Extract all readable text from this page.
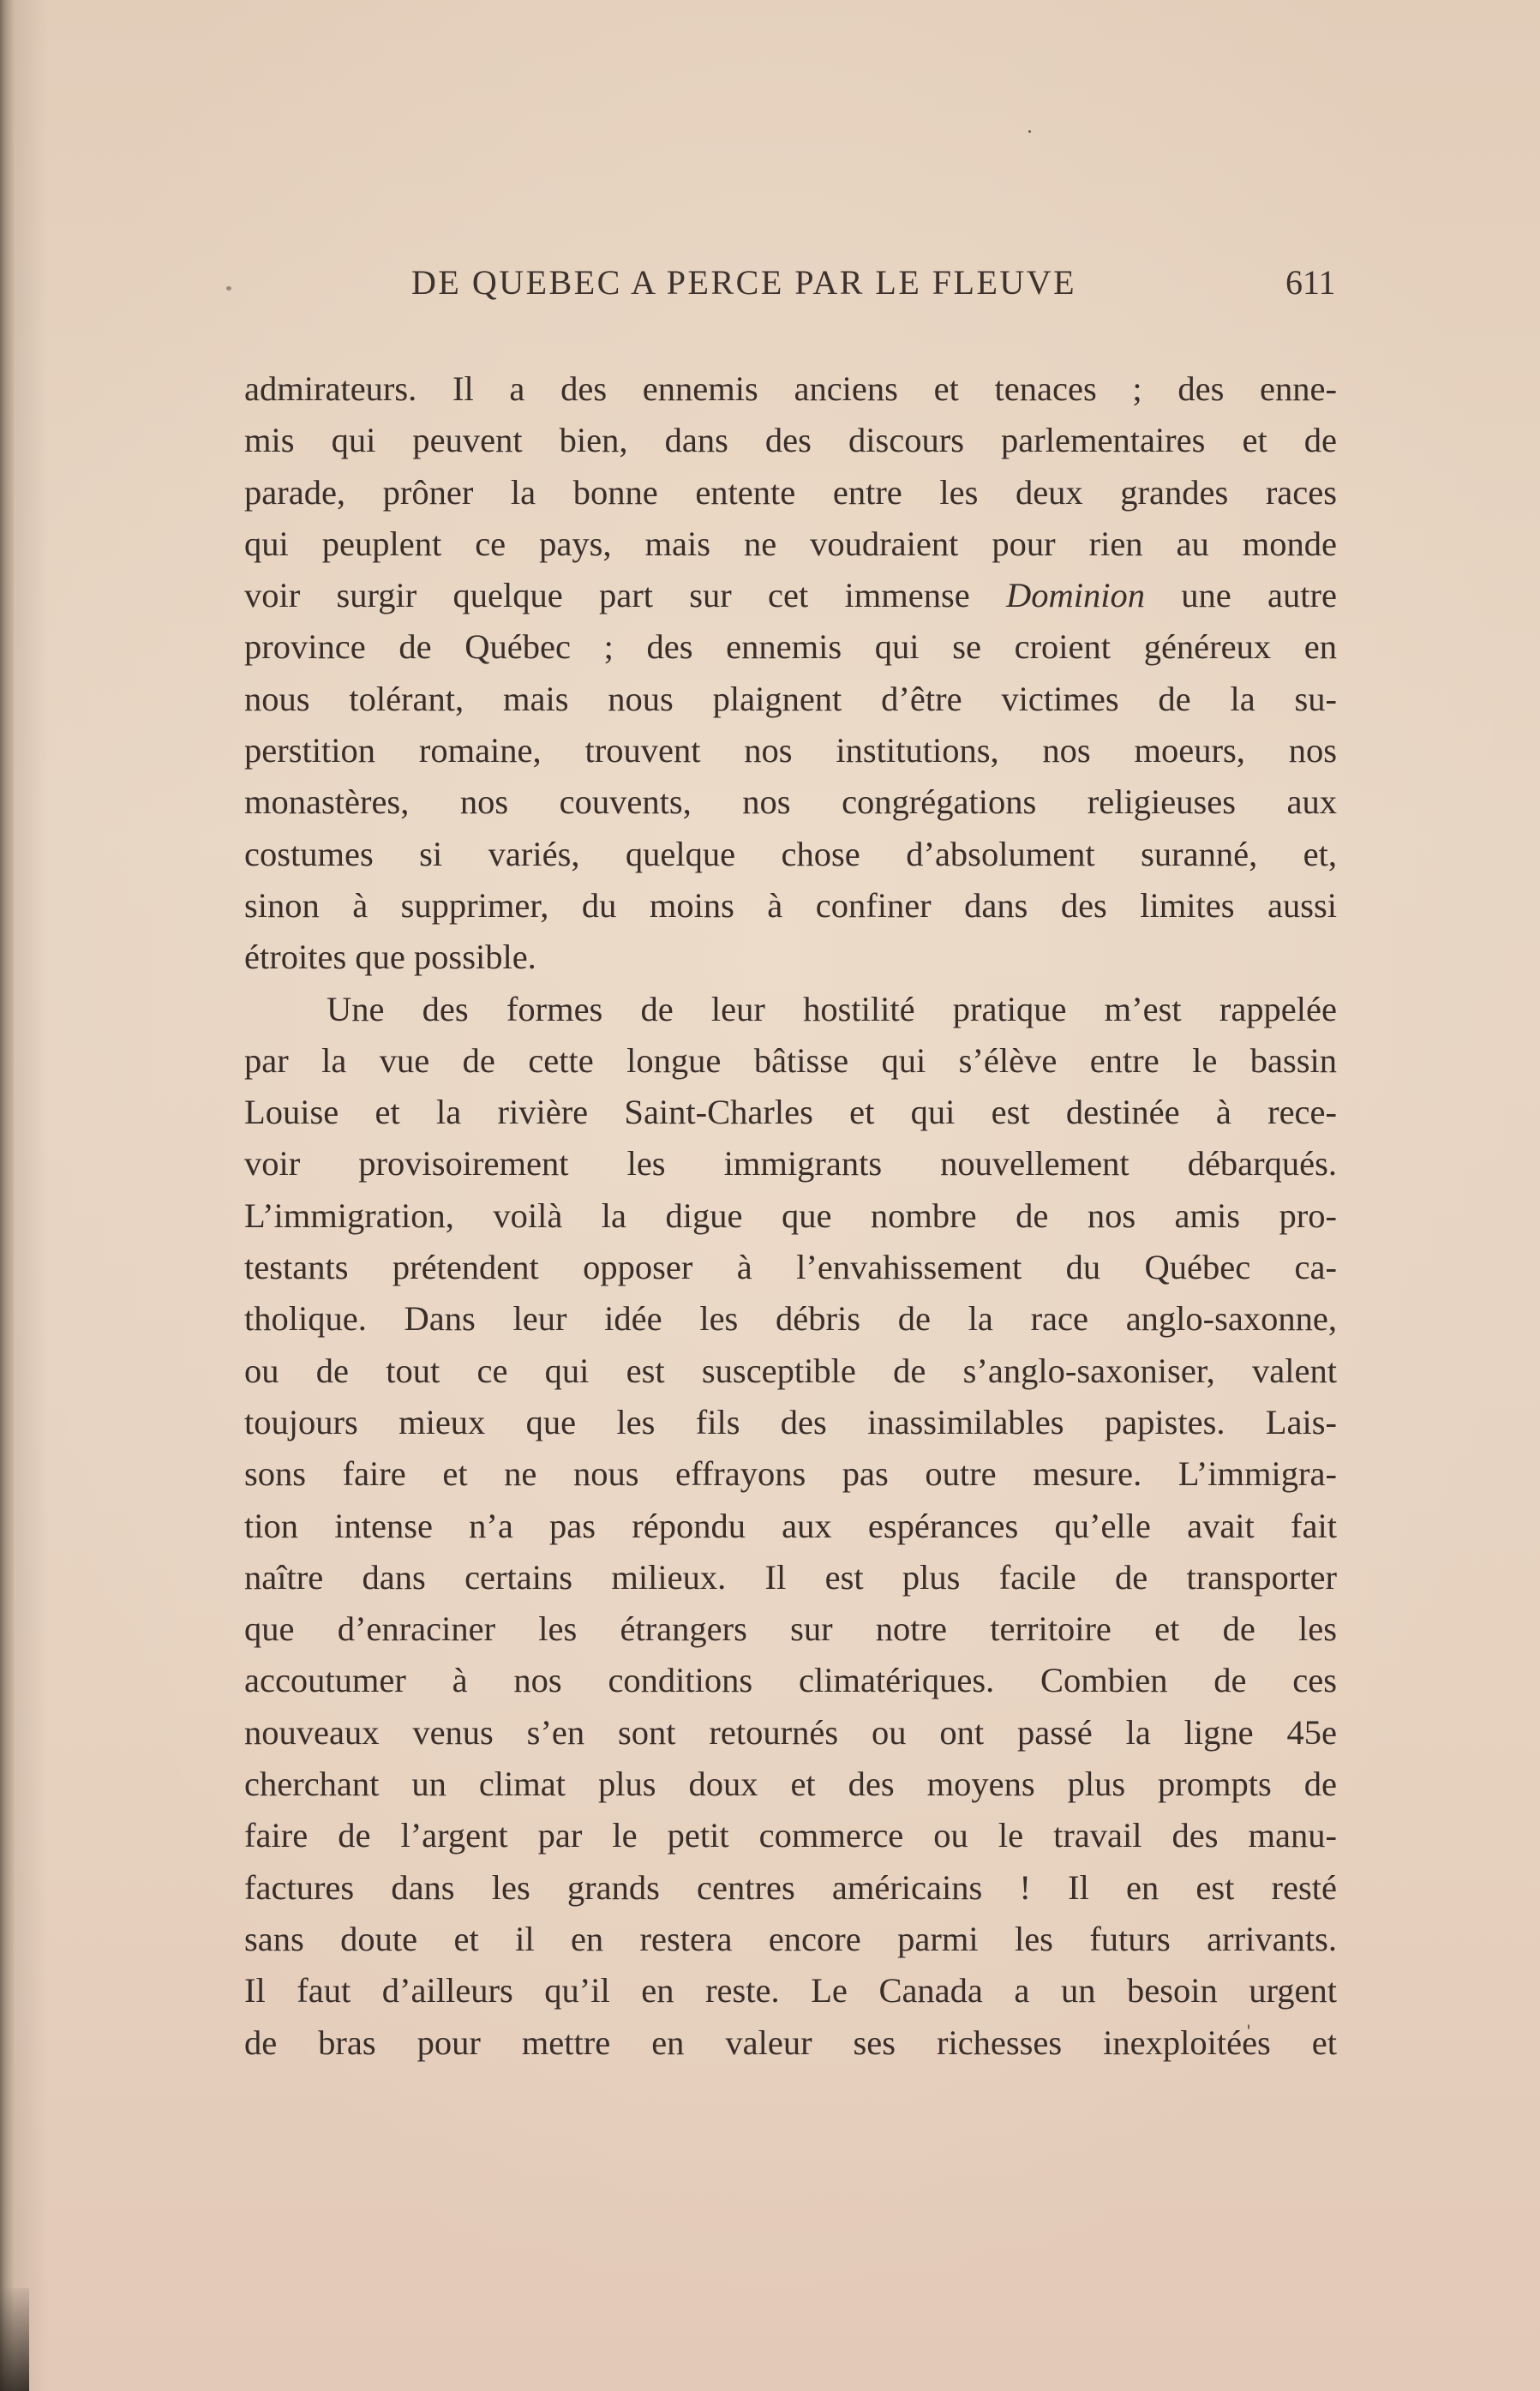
DE QUEBEC A PERCE PAR LE FLEUVE	611
admirateurs. Il a des ennemis anciens et tenaces ; des enne-
mis qui peuvent bien, dans des discours parlementaires et de
parade, prôner la bonne entente entre les deux grandes races
qui peuplent ce pays, mais ne voudraient pour rien au monde
voir surgir quelque part sur cet immense Dominion une autre
province de Québec ; des ennemis qui se croient généreux en
nous tolérant, mais nous plaignent d’être victimes de la su-
perstition romaine, trouvent nos institutions, nos moeurs, nos
monastères, nos couvents, nos congrégations religieuses aux
costumes si variés, quelque chose d’absolument suranné, et,
sinon à supprimer, du moins à confiner dans des limites aussi
étroites que possible.
Une des formes de leur hostilité pratique m’est rappelée
par la vue de cette longue bâtisse qui s’élève entre le bassin
Louise et la rivière Saint-Charles et qui est destinée à rece-
voir provisoirement les immigrants nouvellement débarqués.
L’immigration, voilà la digue que nombre de nos amis pro-
testants prétendent opposer à l’envahissement du Québec ca-
tholique. Dans leur idée les débris de la race anglo-saxonne,
ou de tout ce qui est susceptible de s’anglo-saxoniser, valent
toujours mieux que les fils des inassimilables papistes. Lais-
sons faire et ne nous effrayons pas outre mesure. L’immigra-
tion intense n’a pas répondu aux espérances qu’elle avait fait
naître dans certains milieux. Il est plus facile de transporter
que d’enraciner les étrangers sur notre territoire et de les
accoutumer à nos conditions climatériques. Combien de ces
nouveaux venus s’en sont retournés ou ont passé la ligne 45e
cherchant un climat plus doux et des moyens plus prompts de
faire de l’argent par le petit commerce ou le travail des manu-
factures dans les grands centres américains ! Il en est resté
sans doute et il en restera encore parmi les futurs arrivants.
Il faut d’ailleurs qu’il en reste. Le Canada a un besoin urgent
de bras pour mettre en valeur ses richesses inexploitées et
